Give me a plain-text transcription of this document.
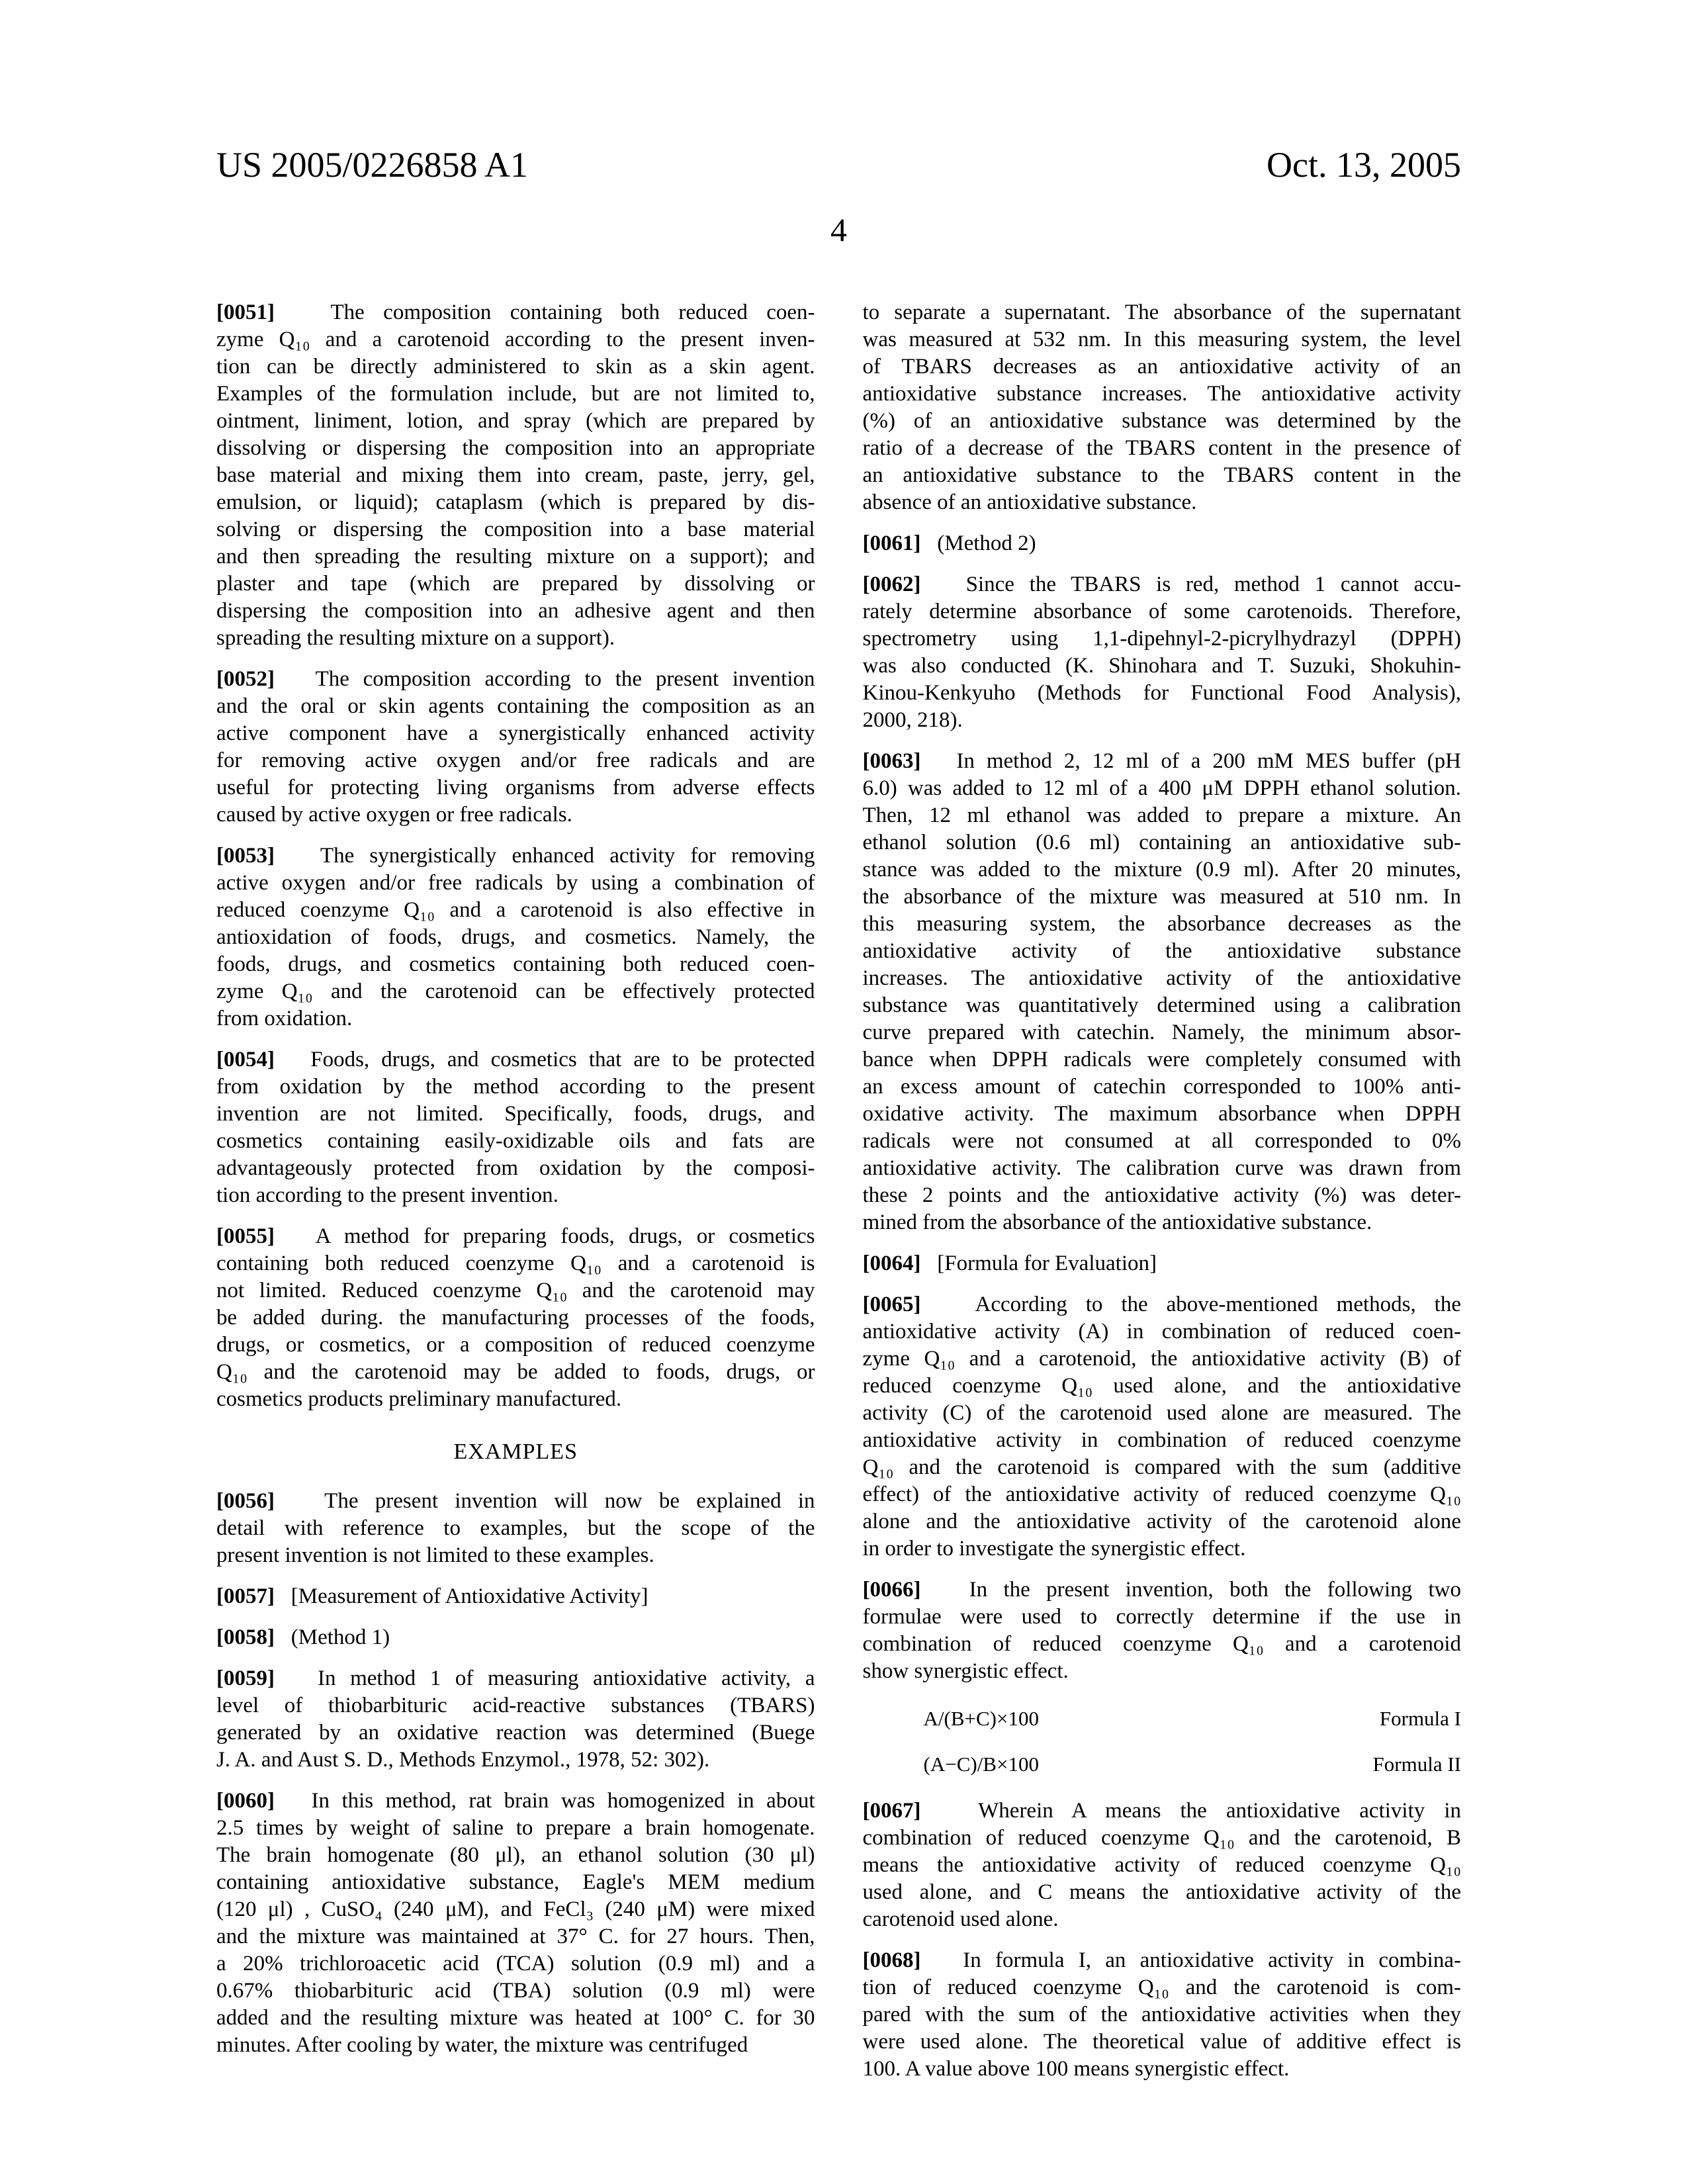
US 2005/0226858 A1	Oct. 13, 2005
4
[0051]   The composition containing both reduced coen-
zyme Q₁₀ and a carotenoid according to the present inven-
tion can be directly administered to skin as a skin agent.
Examples of the formulation include, but are not limited to,
ointment, liniment, lotion, and spray (which are prepared by
dissolving or dispersing the composition into an appropriate
base material and mixing them into cream, paste, jerry, gel,
emulsion, or liquid); cataplasm (which is prepared by dis-
solving or dispersing the composition into a base material
and then spreading the resulting mixture on a support); and
plaster and tape (which are prepared by dissolving or
dispersing the composition into an adhesive agent and then
spreading the resulting mixture on a support).
[0052]   The composition according to the present invention
and the oral or skin agents containing the composition as an
active component have a synergistically enhanced activity
for removing active oxygen and/or free radicals and are
useful for protecting living organisms from adverse effects
caused by active oxygen or free radicals.
[0053]   The synergistically enhanced activity for removing
active oxygen and/or free radicals by using a combination of
reduced coenzyme Q₁₀ and a carotenoid is also effective in
antioxidation of foods, drugs, and cosmetics. Namely, the
foods, drugs, and cosmetics containing both reduced coen-
zyme Q₁₀ and the carotenoid can be effectively protected
from oxidation.
[0054]   Foods, drugs, and cosmetics that are to be protected
from oxidation by the method according to the present
invention are not limited. Specifically, foods, drugs, and
cosmetics containing easily-oxidizable oils and fats are
advantageously protected from oxidation by the composi-
tion according to the present invention.
[0055]   A method for preparing foods, drugs, or cosmetics
containing both reduced coenzyme Q₁₀ and a carotenoid is
not limited. Reduced coenzyme Q₁₀ and the carotenoid may
be added during. the manufacturing processes of the foods,
drugs, or cosmetics, or a composition of reduced coenzyme
Q₁₀ and the carotenoid may be added to foods, drugs, or
cosmetics products preliminary manufactured.
EXAMPLES
[0056]   The present invention will now be explained in
detail with reference to examples, but the scope of the
present invention is not limited to these examples.
[0057]   [Measurement of Antioxidative Activity]
[0058]   (Method 1)
[0059]   In method 1 of measuring antioxidative activity, a
level of thiobarbituric acid-reactive substances (TBARS)
generated by an oxidative reaction was determined (Buege
J. A. and Aust S. D., Methods Enzymol., 1978, 52: 302).
[0060]   In this method, rat brain was homogenized in about
2.5 times by weight of saline to prepare a brain homogenate.
The brain homogenate (80 μl), an ethanol solution (30 μl)
containing antioxidative substance, Eagle's MEM medium
(120 μl) , CuSO₄ (240 μM), and FeCl₃ (240 μM) were mixed
and the mixture was maintained at 37° C. for 27 hours. Then,
a 20% trichloroacetic acid (TCA) solution (0.9 ml) and a
0.67% thiobarbituric acid (TBA) solution (0.9 ml) were
added and the resulting mixture was heated at 100° C. for 30
minutes. After cooling by water, the mixture was centrifuged
to separate a supernatant. The absorbance of the supernatant
was measured at 532 nm. In this measuring system, the level
of TBARS decreases as an antioxidative activity of an
antioxidative substance increases. The antioxidative activity
(%) of an antioxidative substance was determined by the
ratio of a decrease of the TBARS content in the presence of
an antioxidative substance to the TBARS content in the
absence of an antioxidative substance.
[0061]   (Method 2)
[0062]   Since the TBARS is red, method 1 cannot accu-
rately determine absorbance of some carotenoids. Therefore,
spectrometry using 1,1-dipehnyl-2-picrylhydrazyl (DPPH)
was also conducted (K. Shinohara and T. Suzuki, Shokuhin-
Kinou-Kenkyuho (Methods for Functional Food Analysis),
2000, 218).
[0063]   In method 2, 12 ml of a 200 mM MES buffer (pH
6.0) was added to 12 ml of a 400 μM DPPH ethanol solution.
Then, 12 ml ethanol was added to prepare a mixture. An
ethanol solution (0.6 ml) containing an antioxidative sub-
stance was added to the mixture (0.9 ml). After 20 minutes,
the absorbance of the mixture was measured at 510 nm. In
this measuring system, the absorbance decreases as the
antioxidative activity of the antioxidative substance
increases. The antioxidative activity of the antioxidative
substance was quantitatively determined using a calibration
curve prepared with catechin. Namely, the minimum absor-
bance when DPPH radicals were completely consumed with
an excess amount of catechin corresponded to 100% anti-
oxidative activity. The maximum absorbance when DPPH
radicals were not consumed at all corresponded to 0%
antioxidative activity. The calibration curve was drawn from
these 2 points and the antioxidative activity (%) was deter-
mined from the absorbance of the antioxidative substance.
[0064]   [Formula for Evaluation]
[0065]   According to the above-mentioned methods, the
antioxidative activity (A) in combination of reduced coen-
zyme Q₁₀ and a carotenoid, the antioxidative activity (B) of
reduced coenzyme Q₁₀ used alone, and the antioxidative
activity (C) of the carotenoid used alone are measured. The
antioxidative activity in combination of reduced coenzyme
Q₁₀ and the carotenoid is compared with the sum (additive
effect) of the antioxidative activity of reduced coenzyme Q₁₀
alone and the antioxidative activity of the carotenoid alone
in order to investigate the synergistic effect.
[0066]   In the present invention, both the following two
formulae were used to correctly determine if the use in
combination of reduced coenzyme Q₁₀ and a carotenoid
show synergistic effect.
A/(B+C)×100	Formula I
(A−C)/B×100	Formula II
[0067]   Wherein A means the antioxidative activity in
combination of reduced coenzyme Q₁₀ and the carotenoid, B
means the antioxidative activity of reduced coenzyme Q₁₀
used alone, and C means the antioxidative activity of the
carotenoid used alone.
[0068]   In formula I, an antioxidative activity in combina-
tion of reduced coenzyme Q₁₀ and the carotenoid is com-
pared with the sum of the antioxidative activities when they
were used alone. The theoretical value of additive effect is
100. A value above 100 means synergistic effect.
